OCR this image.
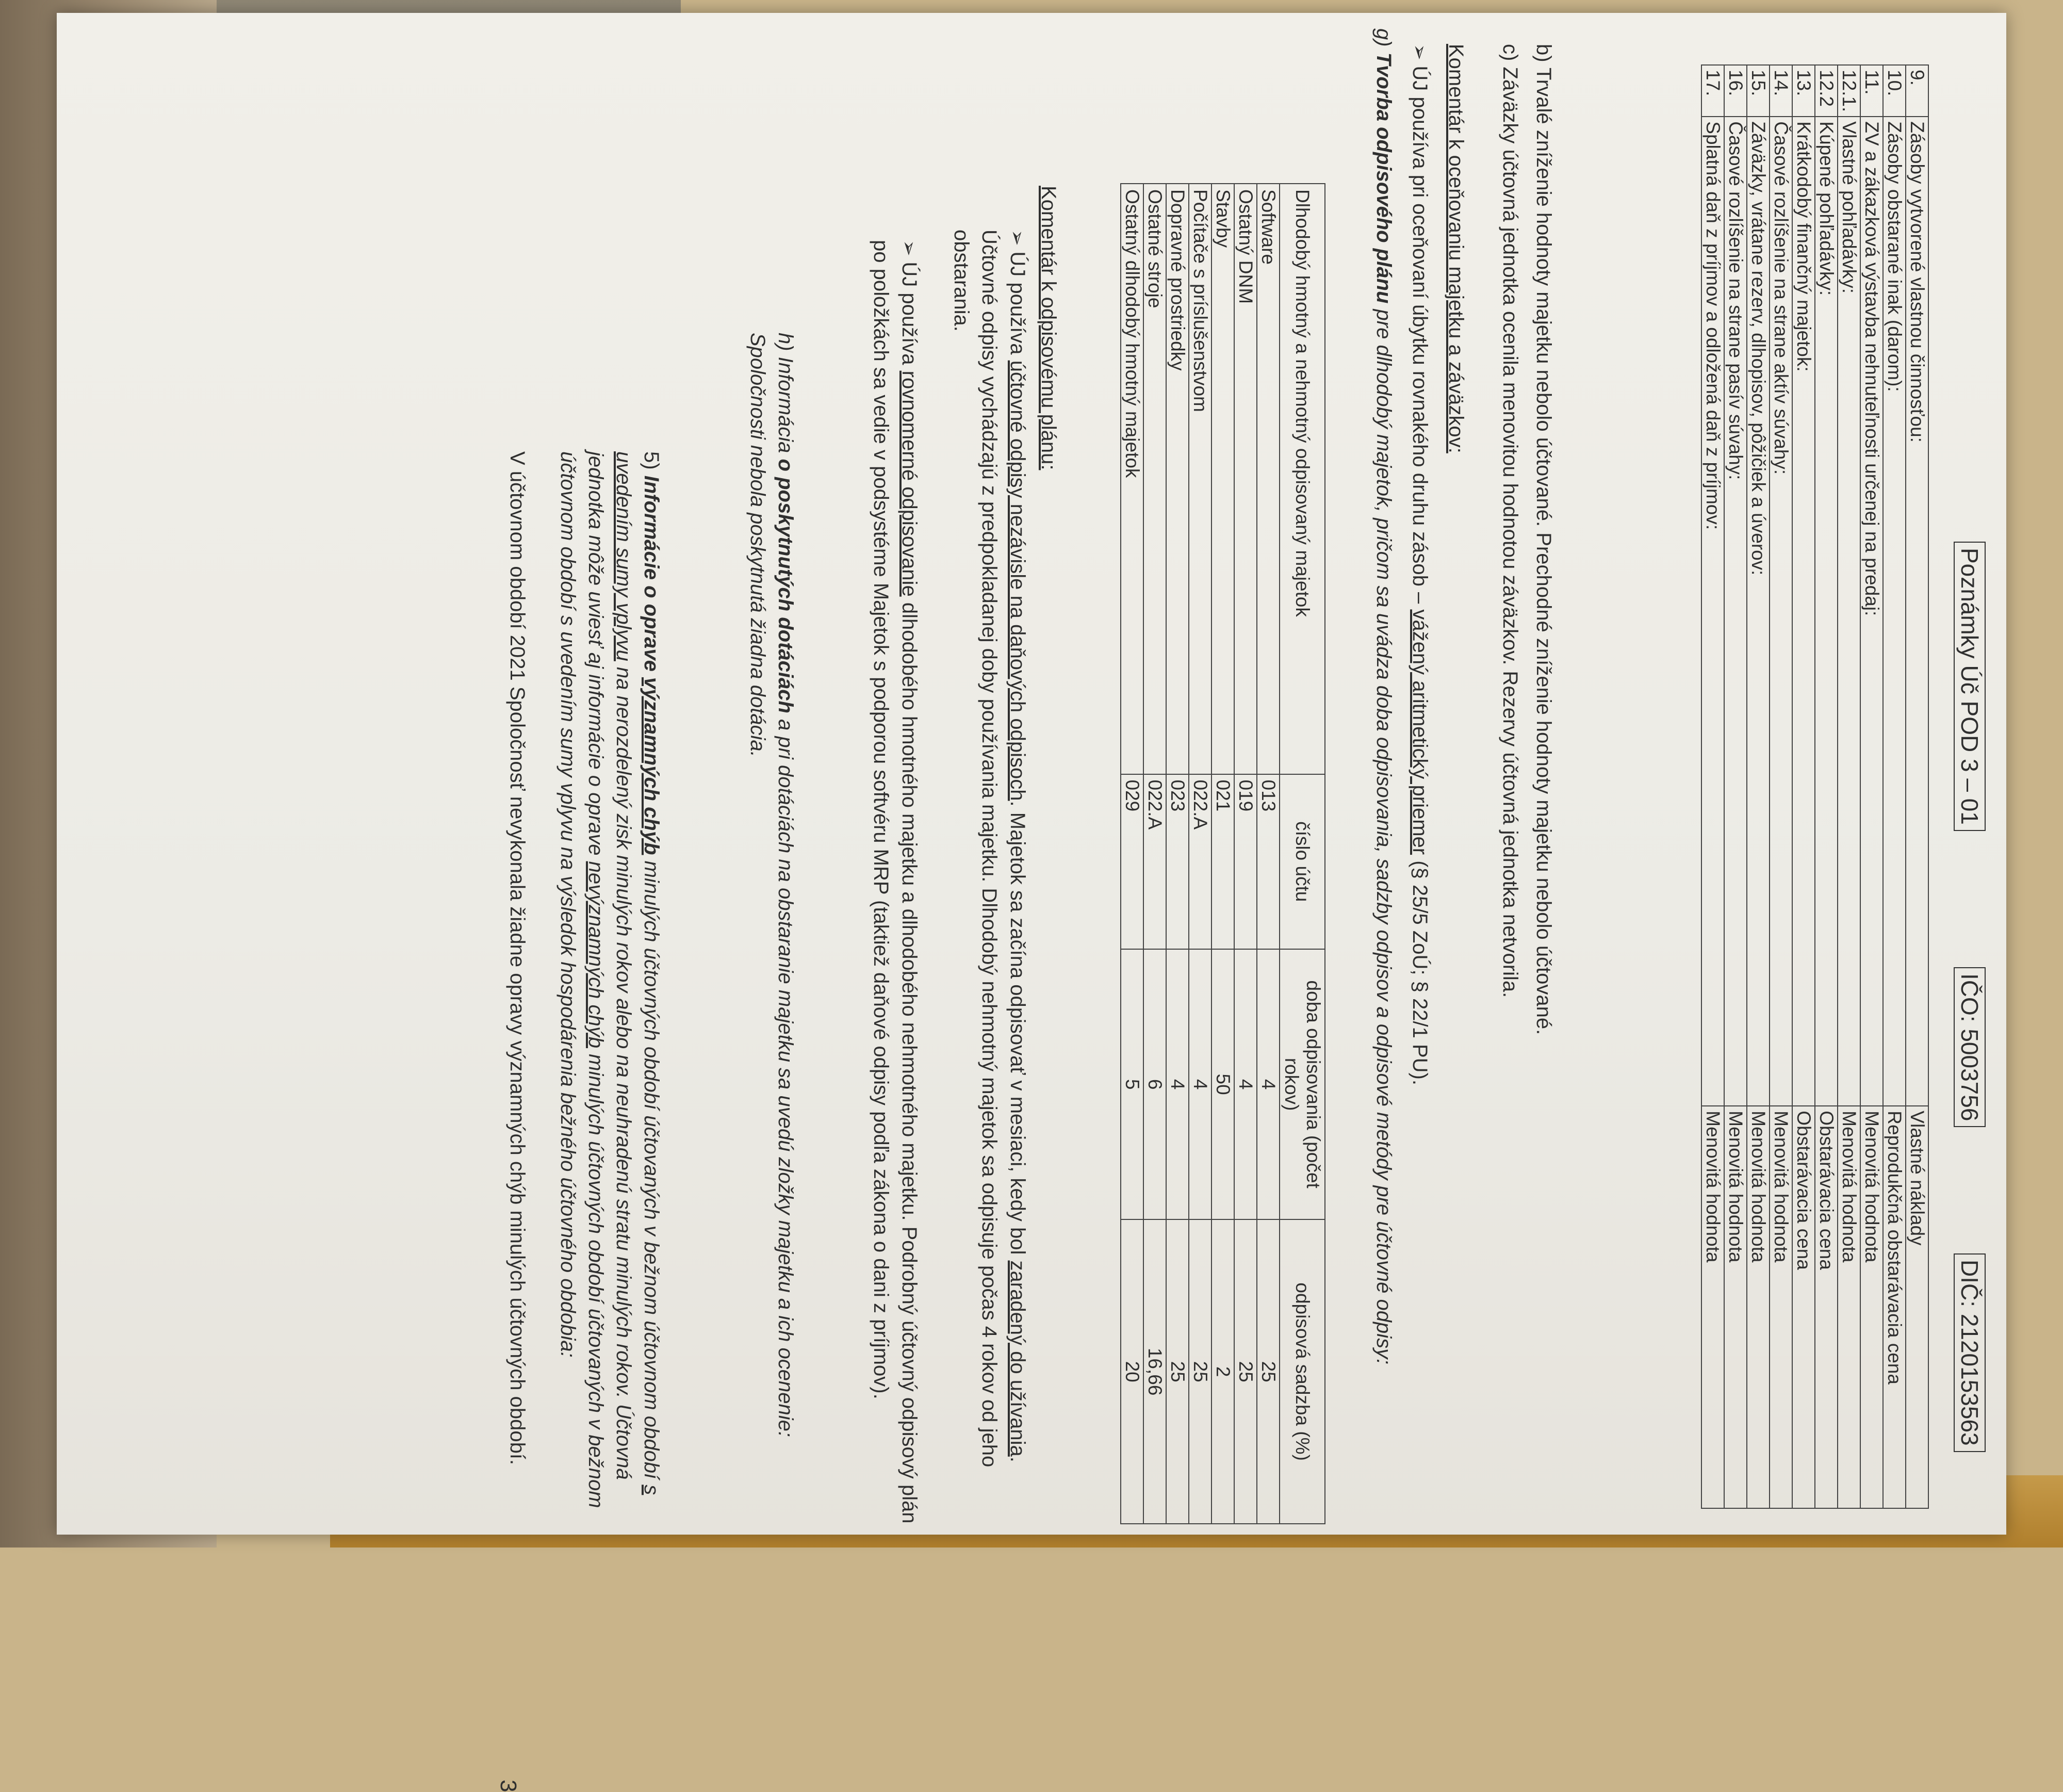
Poznámky Úč POD 3 – 01
IČO: 5003756
DIČ: 2120153563
9.	Zásoby vytvorené vlastnou činnosťou:	Vlastné náklady
10.	Zásoby obstarané inak (darom):	Reprodukčná obstarávacia cena
11.	ZV a zákazková výstavba nehnuteľnosti určenej na predaj:	Menovitá hodnota
12.1.	Vlastné pohľadávky:	Menovitá hodnota
12.2	Kúpené pohľadávky:	Obstarávacia cena
13.	Krátkodobý finančný majetok:	Obstarávacia cena
14.	Časové rozlíšenie na strane aktív súvahy:	Menovitá hodnota
15.	Záväzky, vrátane rezerv, dlhopisov, pôžičiek a úverov:	Menovitá hodnota
16.	Časové rozlíšenie na strane pasív súvahy:	Menovitá hodnota
17.	Splatná daň z príjmov a odložená daň z príjmov:	Menovitá hodnota
b) Trvalé zníženie hodnoty majetku nebolo účtované. Prechodné zníženie hodnoty majetku nebolo účtované.
c) Záväzky účtovná jednotka ocenila menovitou hodnotou záväzkov. Rezervy účtovná jednotka netvorila.
Komentár k oceňovaniu majetku a záväzkov:
➢ ÚJ používa pri oceňovaní úbytku rovnakého druhu zásob – vážený aritmetický priemer (§ 25/5 ZoÚ; § 22/1 PU).
g) Tvorba odpisového plánu pre dlhodobý majetok, pričom sa uvádza doba odpisovania, sadzby odpisov a odpisové metódy pre účtovné odpisy:
Dlhodobý hmotný a nehmotný odpisovaný majetok	číslo účtu	doba odpisovania (počet rokov)	odpisová sadzba (%)
Software	013	4	25
Ostatný DNM	019	4	25
Stavby	021	50	2
Počítače s príslušenstvom	022.A	4	25
Dopravné prostriedky	023	4	25
Ostatné stroje	022.A	6	16,66
Ostatný dlhodobý hmotný majetok	029	5	20
Komentár k odpisovému plánu:
➢ ÚJ používa účtovné odpisy nezávisle na daňových odpisoch. Majetok sa začína odpisovať v mesiaci, kedy bol zaradený do užívania. Účtovné odpisy vychádzajú z predpokladanej doby používania majetku. Dlhodobý nehmotný majetok sa odpisuje počas 4 rokov od jeho obstarania.
➢ ÚJ používa rovnomerné odpisovanie dlhodobého hmotného majetku a dlhodobého nehmotného majetku. Podrobný účtovný odpisový plán po položkách sa vedie v podsystéme Majetok s podporou softvéru MRP (taktiež daňové odpisy podľa zákona o dani z príjmov).
h) Informácia o poskytnutých dotáciách a pri dotáciách na obstaranie majetku sa uvedú zložky majetku a ich ocenenie: Spoločnosti nebola poskytnutá žiadna dotácia.
5) Informácie o oprave významných chýb minulých účtovných období účtovaných v bežnom účtovnom období s uvedením sumy vplyvu na nerozdelený zisk minulých rokov alebo na neuhradenú stratu minulých rokov. Účtovná jednotka môže uviesť aj informácie o oprave nevýznamných chýb minulých účtovných období účtovaných v bežnom účtovnom období s uvedením sumy vplyvu na výsledok hospodárenia bežného účtovného obdobia:
V účtovnom období 2021 Spoločnosť nevykonala žiadne opravy významných chýb minulých účtovných období.
3
